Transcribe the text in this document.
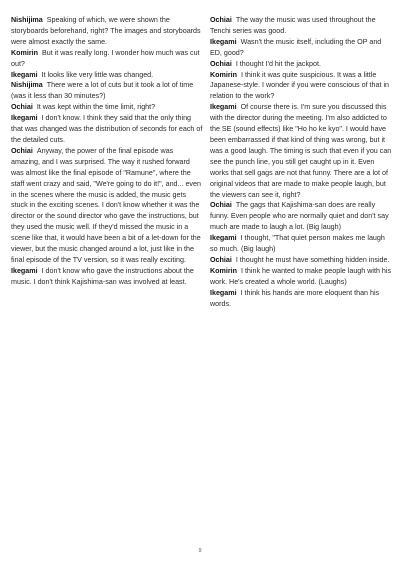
Nishijima Speaking of which, we were shown the storyboards beforehand, right? The images and storyboards were almost exactly the same.

Komirin But it was really long. I wonder how much was cut out?

Ikegami It looks like very little was changed.

Nishijima There were a lot of cuts but it took a lot of time (was it less than 30 minutes?)

Ochiai It was kept within the time limit, right?

Ikegami I don't know. I think they said that the only thing that was changed was the distribution of seconds for each of the detailed cuts.

Ochiai Anyway, the power of the final episode was amazing, and I was surprised. The way it rushed forward was almost like the final episode of "Ramune", where the staff went crazy and said, "We're going to do it!", and... even in the scenes where the music is added, the music gets stuck in the exciting scenes. I don't know whether it was the director or the sound director who gave the instructions, but they used the music well. If they'd missed the music in a scene like that, it would have been a bit of a let-down for the viewer, but the music changed around a lot, just like in the final episode of the TV version, so it was really exciting.

Ikegami I don't know who gave the instructions about the music. I don't think Kajishima-san was involved at least.

Ochiai The way the music was used throughout the Tenchi series was good.

Ikegami Wasn't the music itself, including the OP and ED, good?

Ochiai I thought I'd hit the jackpot.

Komirin I think it was quite suspicious. It was a little Japanese-style. I wonder if you were conscious of that in relation to the work?

Ikegami Of course there is. I'm sure you discussed this with the director during the meeting. I'm also addicted to the SE (sound effects) like "Ho ho ke kyo". I would have been embarrassed if that kind of thing was wrong, but it was a good laugh. The timing is such that even if you can see the punch line, you still get caught up in it. Even works that sell gags are not that funny. There are a lot of original videos that are made to make people laugh, but the viewers can see it, right?

Ochiai The gags that Kajishima-san does are really funny. Even people who are normally quiet and don't say much are made to laugh a lot. (Big laugh)

Ikegami I thought, "That quiet person makes me laugh so much. (Big laugh)

Ochiai I thought he must have something hidden inside.

Komirin I think he wanted to make people laugh with his work. He's created a whole world. (Laughs)

Ikegami I think his hands are more eloquent than his words.

9
